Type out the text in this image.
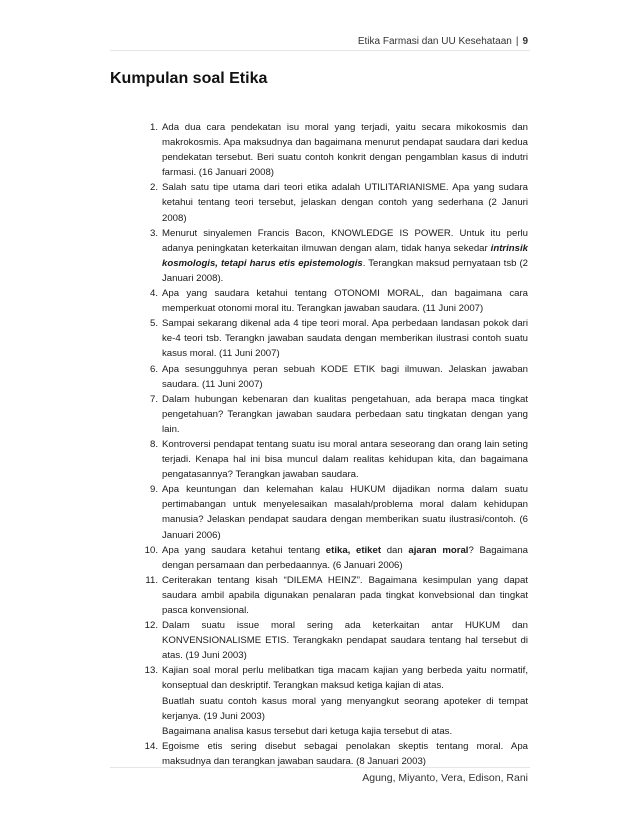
Etika Farmasi dan UU Kesehataan | 9
Kumpulan soal Etika
1. Ada dua cara pendekatan isu moral yang terjadi, yaitu secara mikokosmis dan makrokosmis. Apa maksudnya dan bagaimana menurut pendapat saudara dari kedua pendekatan tersebut. Beri suatu contoh konkrit dengan pengamblan kasus di indutri farmasi. (16 Januari 2008)
2. Salah satu tipe utama dari teori etika adalah UTILITARIANISME. Apa yang sudara ketahui tentang teori tersebut, jelaskan dengan contoh yang sederhana (2 Januri 2008)
3. Menurut sinyalemen Francis Bacon, KNOWLEDGE IS POWER. Untuk itu perlu adanya peningkatan keterkaitan ilmuwan dengan alam, tidak hanya sekedar intrinsik kosmologis, tetapi harus etis epistemologis. Terangkan maksud pernyataan tsb (2 Januari 2008).
4. Apa yang saudara ketahui tentang OTONOMI MORAL, dan bagaimana cara memperkuat otonomi moral itu. Terangkan jawaban saudara. (11 Juni 2007)
5. Sampai sekarang dikenal ada 4 tipe teori moral. Apa perbedaan landasan pokok dari ke-4 teori tsb. Terangkn jawaban saudata dengan memberikan ilustrasi contoh suatu kasus moral. (11 Juni 2007)
6. Apa sesungguhnya peran sebuah KODE ETIK bagi ilmuwan. Jelaskan jawaban saudara. (11 Juni 2007)
7. Dalam hubungan kebenaran dan kualitas pengetahuan, ada berapa maca tingkat pengetahuan? Terangkan jawaban saudara perbedaan satu tingkatan dengan yang lain.
8. Kontroversi pendapat tentang suatu isu moral antara seseorang dan orang lain seting terjadi. Kenapa hal ini bisa muncul dalam realitas kehidupan kita, dan bagaimana pengatasannya? Terangkan jawaban saudara.
9. Apa keuntungan dan kelemahan kalau HUKUM dijadikan norma dalam suatu pertimabangan untuk menyelesaikan masalah/problema moral dalam kehidupan manusia? Jelaskan pendapat saudara dengan memberikan suatu ilustrasi/contoh. (6 Januari 2006)
10. Apa yang saudara ketahui tentang etika, etiket dan ajaran moral? Bagaimana dengan persamaan dan perbedaannya. (6 Januari 2006)
11. Ceriterakan tentang kisah “DILEMA HEINZ”. Bagaimana kesimpulan yang dapat saudara ambil apabila digunakan penalaran pada tingkat konvebsional dan tingkat pasca konvensional.
12. Dalam suatu issue moral sering ada keterkaitan antar HUKUM dan KONVENSIONALISME ETIS. Terangkakn pendapat saudara tentang hal tersebut di atas. (19 Juni 2003)
13. Kajian soal moral perlu melibatkan tiga macam kajian yang berbeda yaitu normatif, konseptual dan deskriptif. Terangkan maksud ketiga kajian di atas.
Buatlah suatu contoh kasus moral yang menyangkut seorang apoteker di tempat kerjanya. (19 Juni 2003)
Bagaimana analisa kasus tersebut dari ketuga kajia tersebut di atas.
14. Egoisme etis sering disebut sebagai penolakan skeptis tentang moral. Apa maksudnya dan terangkan jawaban saudara. (8 Januari 2003)
Agung, Miyanto, Vera, Edison, Rani
